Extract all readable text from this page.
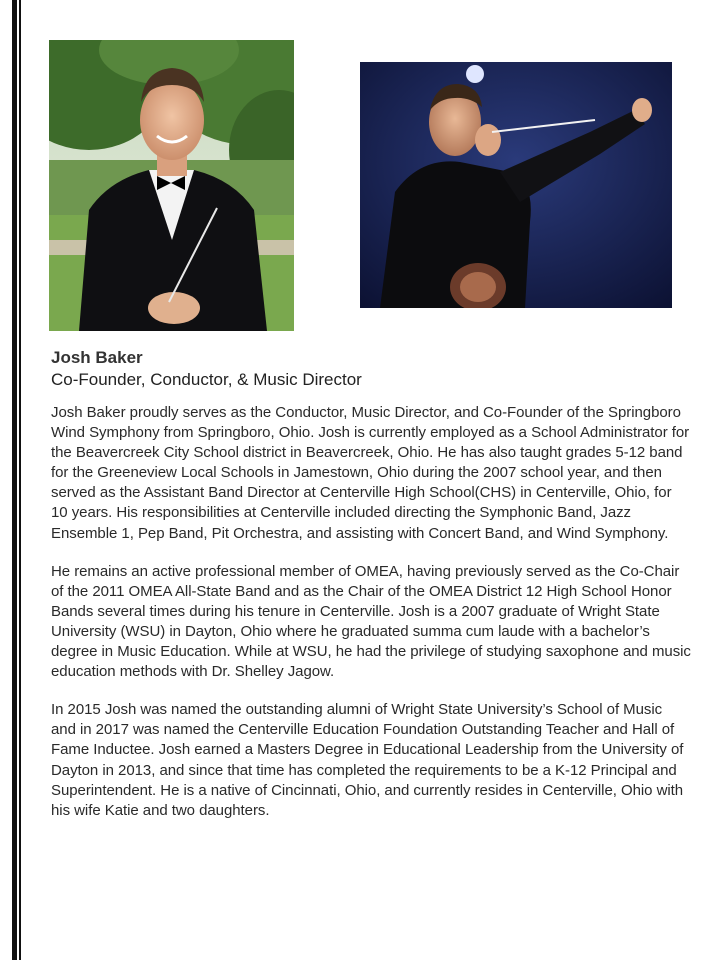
Josh Baker
Co-Founder, Conductor, & Music Director

Josh Baker proudly serves as the Conductor, Music Director, and Co-Founder of the Springboro Wind Symphony from Springboro, Ohio. Josh is currently employed as a School Administrator for the Beavercreek City School district in Beavercreek, Ohio. He has also taught grades 5-12 band for the Greeneview Local Schools in Jamestown, Ohio during the 2007 school year, and then served as the Assistant Band Director at Centerville High School(CHS) in Centerville, Ohio, for 10 years. His responsibilities at Centerville included directing the Symphonic Band, Jazz Ensemble 1, Pep Band, Pit Orchestra, and assisting with Concert Band, and Wind Symphony.

He remains an active professional member of OMEA, having previously served as the Co-Chair of the 2011 OMEA All-State Band and as the Chair of the OMEA District 12 High School Honor Bands several times during his tenure in Centerville. Josh is a 2007 graduate of Wright State University (WSU) in Dayton, Ohio where he graduated summa cum laude with a bachelor’s degree in Music Education. While at WSU, he had the privilege of studying saxophone and music education methods with Dr. Shelley Jagow.

In 2015 Josh was named the outstanding alumni of Wright State University’s School of Music and in 2017 was named the Centerville Education Foundation Outstanding Teacher and Hall of Fame Inductee. Josh earned a Masters Degree in Educational Leadership from the University of Dayton in 2013, and since that time has completed the requirements to be a K-12 Principal and Superintendent. He is a native of Cincinnati, Ohio, and currently resides in Centerville, Ohio with his wife Katie and two daughters.
